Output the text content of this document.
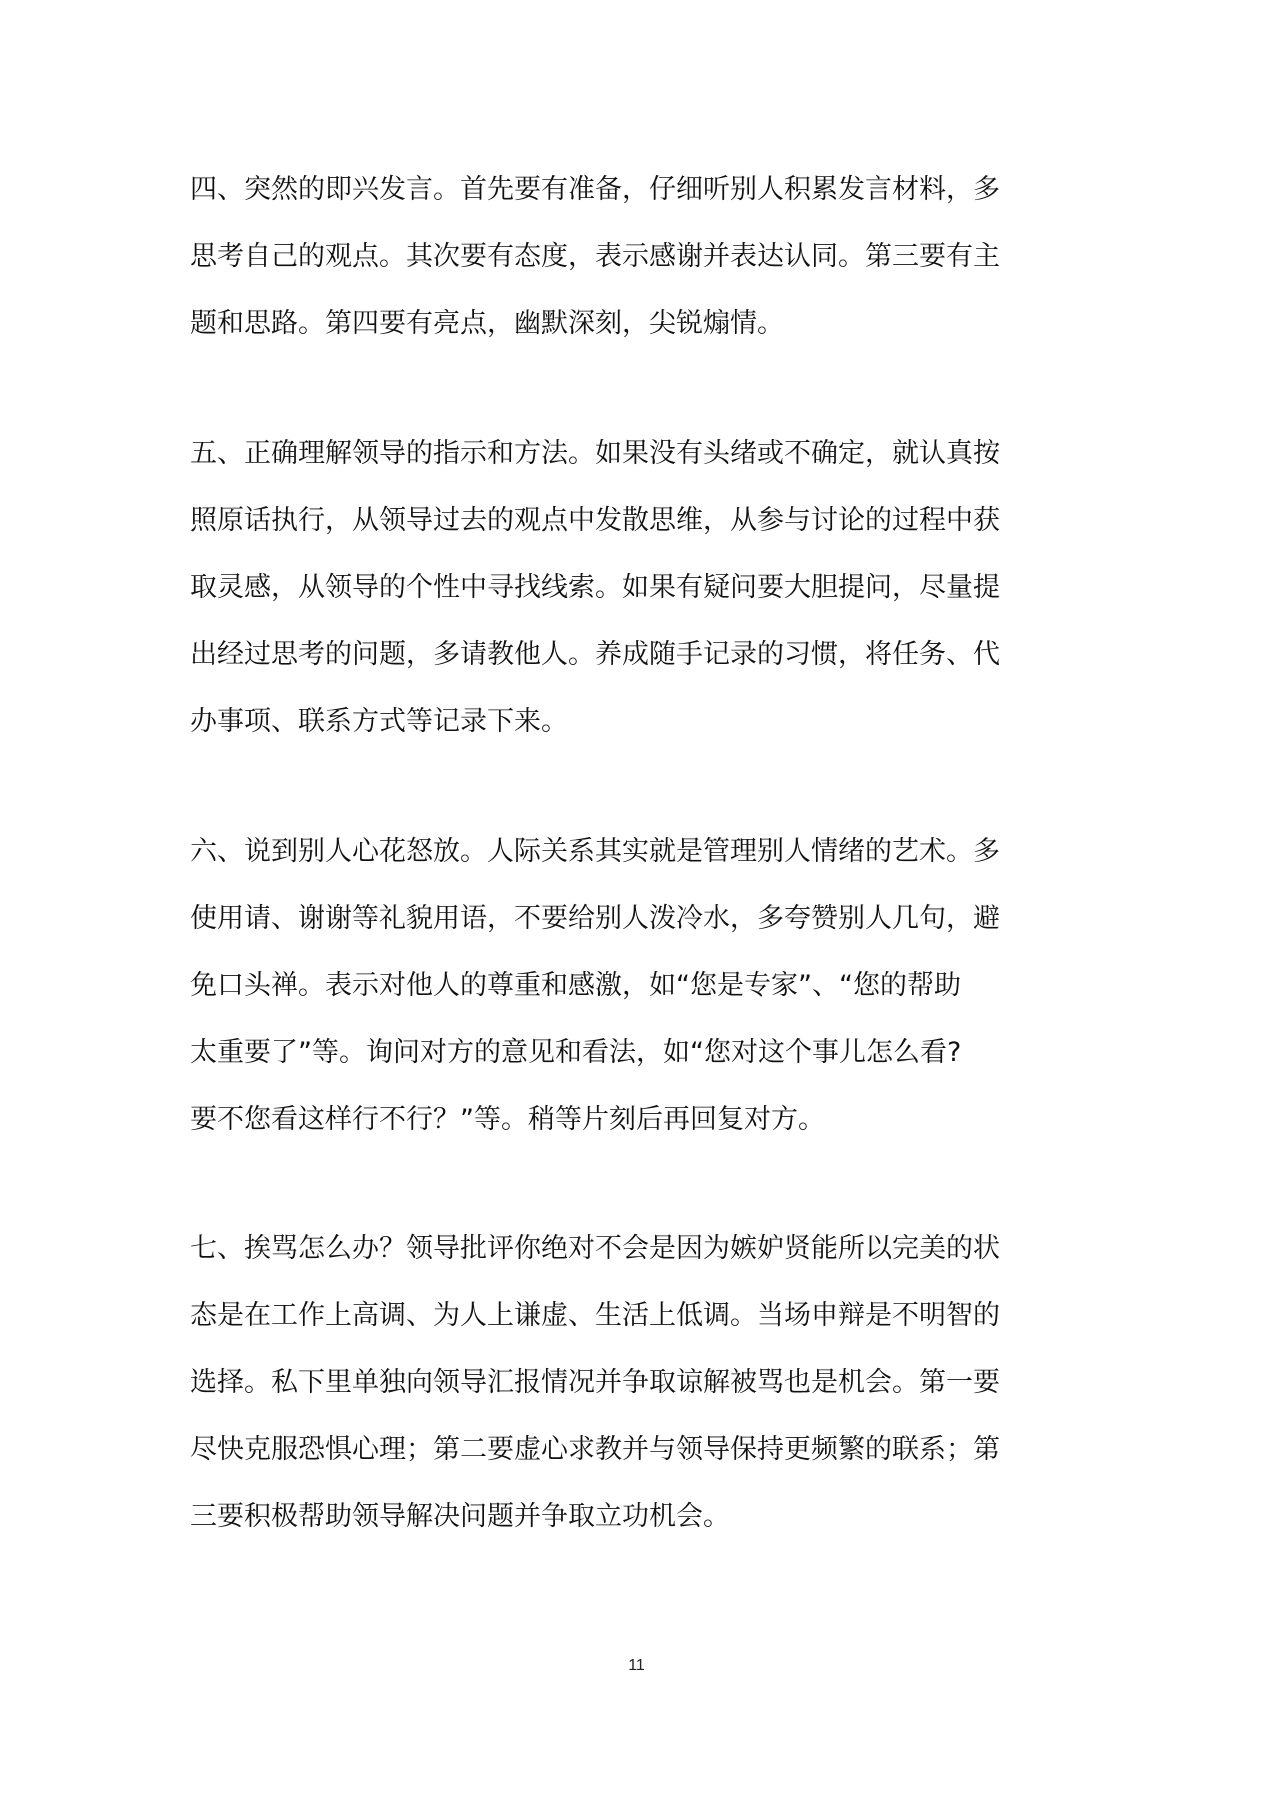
四、突然的即兴发言。首先要有准备，仔细听别人积累发言材料，多
思考自己的观点。其次要有态度，表示感谢并表达认同。第三要有主
题和思路。第四要有亮点，幽默深刻，尖锐煽情。

五、正确理解领导的指示和方法。如果没有头绪或不确定，就认真按
照原话执行，从领导过去的观点中发散思维，从参与讨论的过程中获
取灵感，从领导的个性中寻找线索。如果有疑问要大胆提问，尽量提
出经过思考的问题，多请教他人。养成随手记录的习惯，将任务、代
办事项、联系方式等记录下来。

六、说到别人心花怒放。人际关系其实就是管理别人情绪的艺术。多
使用请、谢谢等礼貌用语，不要给别人泼冷水，多夸赞别人几句，避
免口头禅。表示对他人的尊重和感激，如“您是专家”、“您的帮助
太重要了”等。询问对方的意见和看法，如“您对这个事儿怎么看?
要不您看这样行不行？”等。稍等片刻后再回复对方。

七、挨骂怎么办？领导批评你绝对不会是因为嫉妒贤能所以完美的状
态是在工作上高调、为人上谦虚、生活上低调。当场申辩是不明智的
选择。私下里单独向领导汇报情况并争取谅解被骂也是机会。第一要
尽快克服恐惧心理；第二要虚心求教并与领导保持更频繁的联系；第
三要积极帮助领导解决问题并争取立功机会。

11
